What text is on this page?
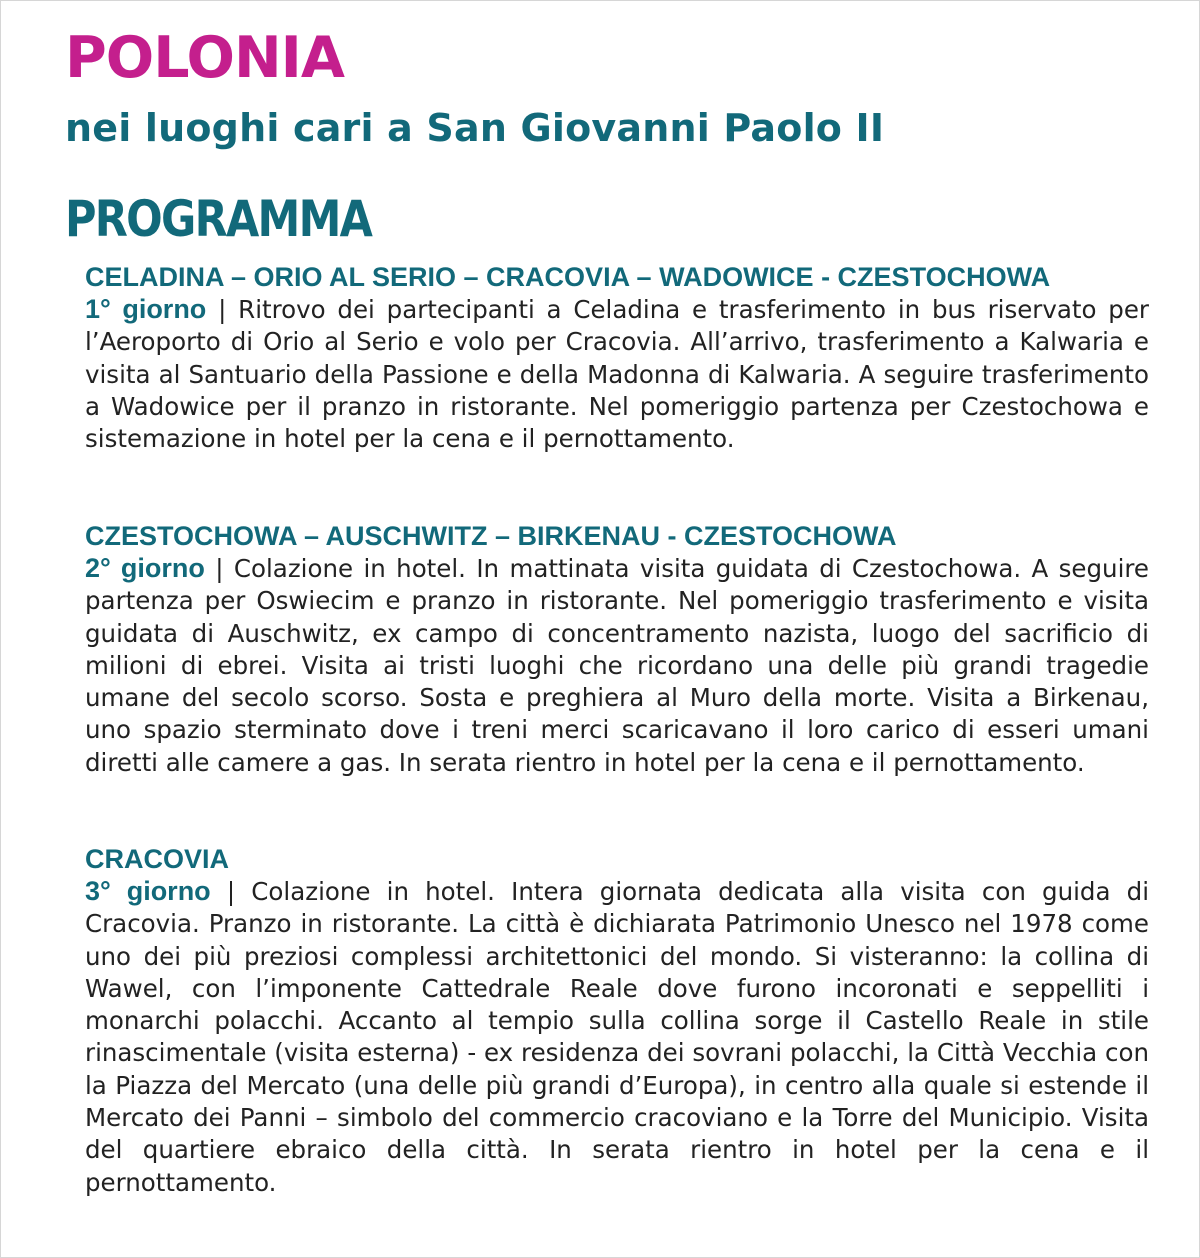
POLONIA
nei luoghi cari a San Giovanni Paolo II
PROGRAMMA
CELADINA – ORIO AL SERIO – CRACOVIA – WADOWICE - CZESTOCHOWA

1° giorno | Ritrovo dei partecipanti a Celadina e trasferimento in bus riservato per l’Aeroporto di Orio al Serio e volo per Cracovia. All’arrivo, trasferimento a Kalwaria e visita al Santuario della Passione e della Madonna di Kalwaria. A seguire trasferimento a Wadowice per il pranzo in ristorante. Nel pomeriggio partenza per Czestochowa e sistemazione in hotel per la cena e il pernottamento.

CZESTOCHOWA – AUSCHWITZ – BIRKENAU - CZESTOCHOWA

2° giorno | Colazione in hotel. In mattinata visita guidata di Czestochowa. A seguire partenza per Oswiecim e pranzo in ristorante. Nel pomeriggio trasferimento e visita guidata di Auschwitz, ex campo di concentramento nazista, luogo del sacrificio di milioni di ebrei. Visita ai tristi luoghi che ricordano una delle più grandi tragedie umane del secolo scorso. Sosta e preghiera al Muro della morte. Visita a Birkenau, uno spazio sterminato dove i treni merci scaricavano il loro carico di esseri umani diretti alle camere a gas. In serata rientro in hotel per la cena e il pernottamento.

CRACOVIA

3° giorno | Colazione in hotel. Intera giornata dedicata alla visita con guida di Cracovia. Pranzo in ristorante. La città è dichiarata Patrimonio Unesco nel 1978 come uno dei più preziosi complessi architettonici del mondo. Si visteranno: la collina di Wawel, con l’imponente Cattedrale Reale dove furono incoronati e seppelliti i monarchi polacchi. Accanto al tempio sulla collina sorge il Castello Reale in stile rinascimentale (visita esterna) - ex residenza dei sovrani polacchi, la Città Vecchia con la Piazza del Mercato (una delle più grandi d’Europa), in centro alla quale si estende il Mercato dei Panni – simbolo del commercio cracoviano e la Torre del Municipio. Visita del quartiere ebraico della città. In serata rientro in hotel per la cena e il pernottamento.
